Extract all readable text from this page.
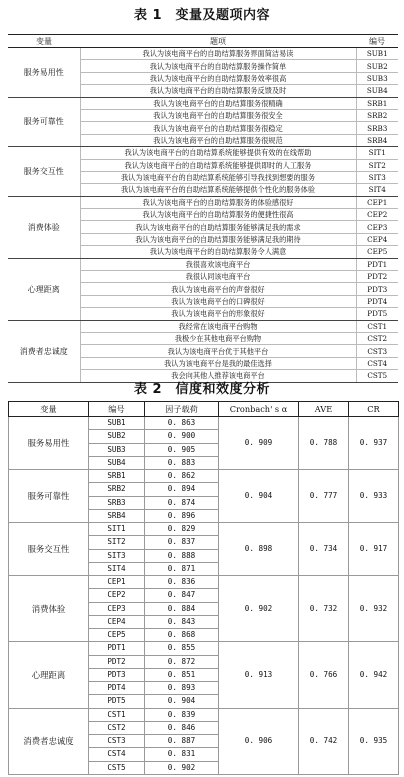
表 1　变量及题项内容
变量	题项	编号
服务易用性	我认为该电商平台的自助结算服务界面简洁易读	SUB1
	我认为该电商平台的自助结算服务操作简单	SUB2
	我认为该电商平台的自助结算服务效率很高	SUB3
	我认为该电商平台的自助结算服务反馈及时	SUB4
服务可靠性	我认为该电商平台的自助结算服务很精确	SRB1
	我认为该电商平台的自助结算服务很安全	SRB2
	我认为该电商平台的自助结算服务很稳定	SRB3
	我认为该电商平台的自助结算服务很规范	SRB4
服务交互性	我认为该电商平台的自助结算系统能够提供有效的在线帮助	SIT1
	我认为该电商平台的自助结算系统能够提供即时的人工服务	SIT2
	我认为该电商平台的自助结算系统能够引导我找到想要的服务	SIT3
	我认为该电商平台的自助结算系统能够提供个性化的服务体验	SIT4
消费体验	我认为该电商平台的自助结算服务的体验感很好	CEP1
	我认为该电商平台的自助结算服务的便捷性很高	CEP2
	我认为该电商平台的自助结算服务能够满足我的需求	CEP3
	我认为该电商平台的自助结算服务能够满足我的期待	CEP4
	我认为该电商平台的自助结算服务令人满意	CEP5
心理距离	我很喜欢该电商平台	PDT1
	我很认同该电商平台	PDT2
	我认为该电商平台的声誉很好	PDT3
	我认为该电商平台的口碑很好	PDT4
	我认为该电商平台的形象很好	PDT5
消费者忠诚度	我经常在该电商平台购物	CST1
	我极少在其他电商平台购物	CST2
	我认为该电商平台优于其他平台	CST3
	我认为该电商平台是我的最佳选择	CST4
	我会向其他人推荐该电商平台	CST5
表 2　信度和效度分析
变量	编号	因子载荷	Cronbach' s α	AVE	CR
服务易用性	SUB1	0. 863	0. 909	0. 788	0. 937
	SUB2	0. 900			
	SUB3	0. 905			
	SUB4	0. 883			
服务可靠性	SRB1	0. 862	0. 904	0. 777	0. 933
	SRB2	0. 894			
	SRB3	0. 874			
	SRB4	0. 896			
服务交互性	SIT1	0. 829	0. 898	0. 734	0. 917
	SIT2	0. 837			
	SIT3	0. 888			
	SIT4	0. 871			
消费体验	CEP1	0. 836	0. 902	0. 732	0. 932
	CEP2	0. 847			
	CEP3	0. 884			
	CEP4	0. 843			
	CEP5	0. 868			
心理距离	PDT1	0. 855	0. 913	0. 766	0. 942
	PDT2	0. 872			
	PDT3	0. 851			
	PDT4	0. 893			
	PDT5	0. 904			
消费者忠诚度	CST1	0. 839	0. 906	0. 742	0. 935
	CST2	0. 846			
	CST3	0. 887			
	CST4	0. 831			
	CST5	0. 902			
